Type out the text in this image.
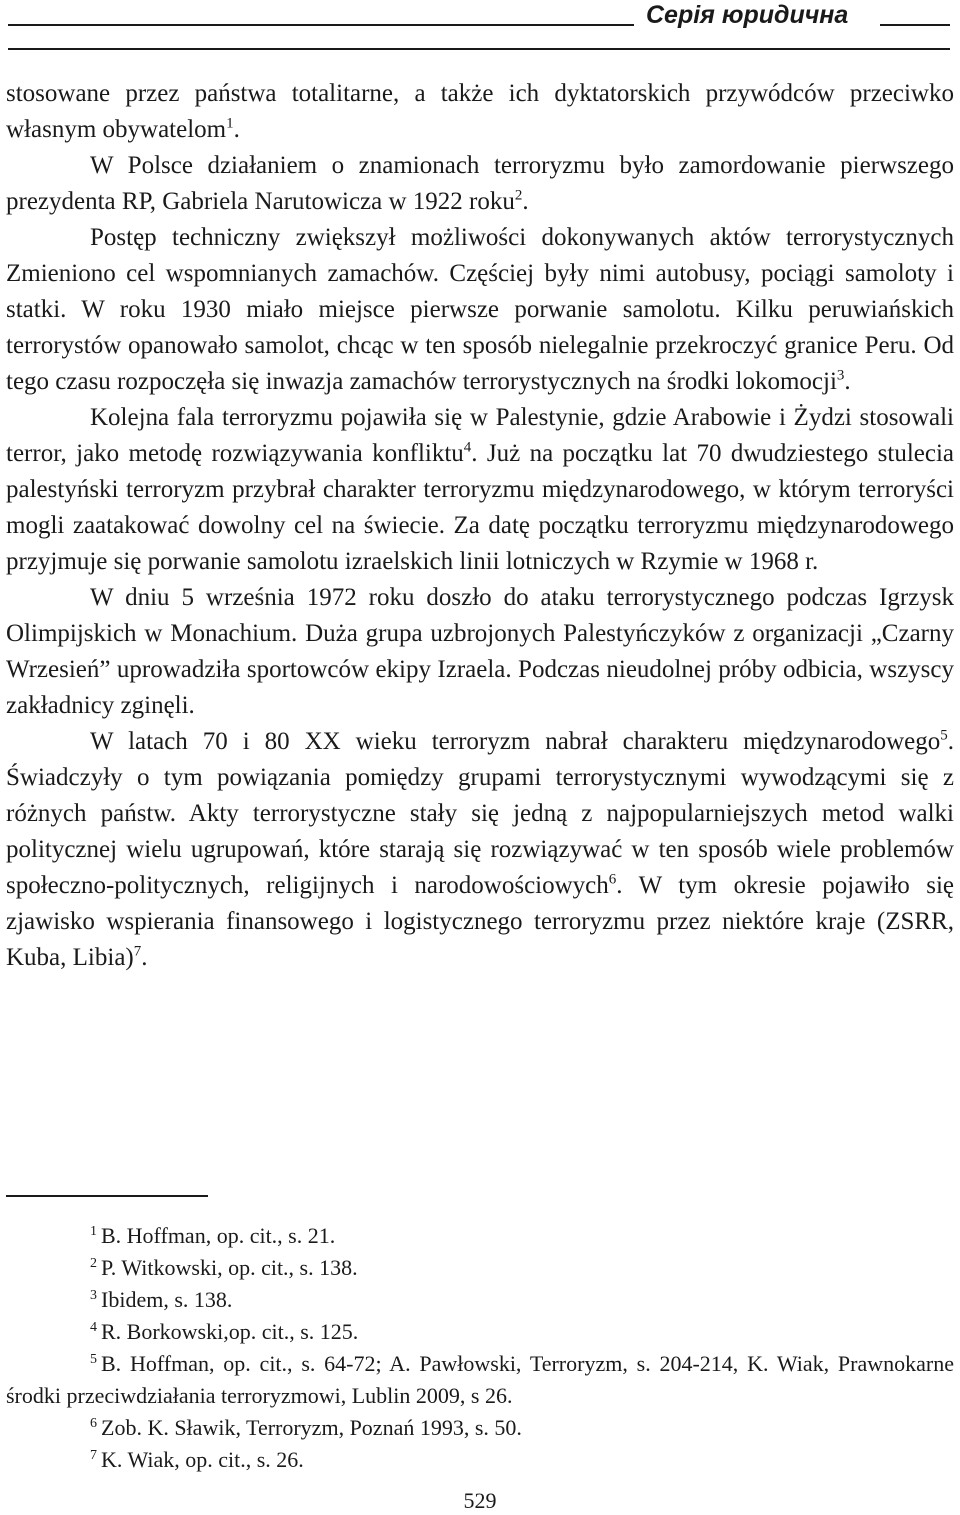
Серія юридична

stosowane przez państwa totalitarne, a także ich dyktatorskich przywódców przeciwko własnym obywatelom$^1$.

W Polsce działaniem o znamionach terroryzmu było zamordowanie pierwszego prezydenta RP, Gabriela Narutowicza w 1922 roku$^2$.

Postęp techniczny zwiększył możliwości dokonywanych aktów terrorystycznych Zmieniono cel wspomnianych zamachów. Częściej były nimi autobusy, pociągi samoloty i statki. W roku 1930 miało miejsce pierwsze porwanie samolotu. Kilku peruwiańskich terrorystów opanowało samolot, chcąc w ten sposób nielegalnie przekroczyć granice Peru. Od tego czasu rozpoczęła się inwazja zamachów terrorystycznych na środki lokomocji$^3$.

Kolejna fala terroryzmu pojawiła się w Palestynie, gdzie Arabowie i Żydzi stosowali terror, jako metodę rozwiązywania konfliktu$^4$. Już na początku lat 70 dwudziestego stulecia palestyński terroryzm przybrał charakter terroryzmu międzynarodowego, w którym terroryści mogli zaatakować dowolny cel na świecie. Za datę początku terroryzmu międzynarodowego przyjmuje się porwanie samolotu izraelskich linii lotniczych w Rzymie w 1968 r.

W dniu 5 września 1972 roku doszło do ataku terrorystycznego podczas Igrzysk Olimpijskich w Monachium. Duża grupa uzbrojonych Palestyńczyków z organizacji „Czarny Wrzesień” uprowadziła sportowców ekipy Izraela. Podczas nieudolnej próby odbicia, wszyscy zakładnicy zginęli.

W latach 70 i 80 XX wieku terroryzm nabrał charakteru międzynarodowego$^5$. Świadczyły o tym powiązania pomiędzy grupami terrorystycznymi wywodzącymi się z różnych państw. Akty terrorystyczne stały się jedną z najpopularniejszych metod walki politycznej wielu ugrupowań, które starają się rozwiązywać w ten sposób wiele problemów społeczno-politycznych, religijnych i narodowościowych$^6$. W tym okresie pojawiło się zjawisko wspierania finansowego i logistycznego terroryzmu przez niektóre kraje (ZSRR, Kuba, Libia)$^7$.

$^1$ B. Hoffman, op. cit., s. 21.

$^2$ P. Witkowski, op. cit., s. 138.

$^3$ Ibidem, s. 138.

$^4$ R. Borkowski,op. cit., s. 125.

$^5$ B. Hoffman, op. cit., s. 64-72; A. Pawłowski, Terroryzm, s. 204-214, K. Wiak, Prawnokarne środki przeciwdziałania terroryzmowi, Lublin 2009, s 26.

$^6$ Zob. K. Sławik, Terroryzm, Poznań 1993, s. 50.

$^7$ K. Wiak, op. cit., s. 26.

529
